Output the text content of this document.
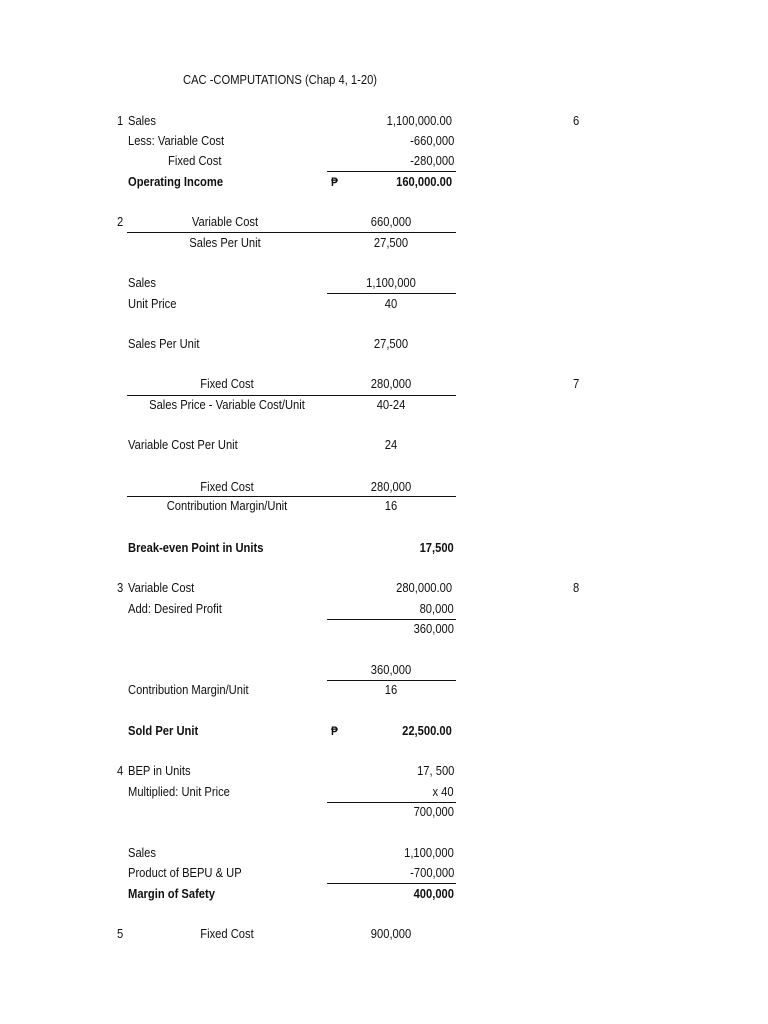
CAC -COMPUTATIONS (Chap 4, 1-20)
1 Sales	1,100,000.00	6
Less: Variable Cost	-660,000
Fixed Cost	-280,000
Operating Income	₱	160,000.00
2	Variable Cost	660,000
Sales Per Unit	27,500
Sales	1,100,000
Unit Price	40
Sales Per Unit	27,500
Fixed Cost	280,000	7
Sales Price - Variable Cost/Unit	40-24
Variable Cost Per Unit	24
Fixed Cost	280,000
Contribution Margin/Unit	16
Break-even Point in Units	17,500
3 Variable Cost	280,000.00	8
Add: Desired Profit	80,000
360,000
360,000
Contribution Margin/Unit	16
Sold Per Unit	₱	22,500.00
4 BEP in Units	17, 500
Multiplied: Unit Price	x 40
700,000
Sales	1,100,000
Product of BEPU & UP	-700,000
Margin of Safety	400,000
5	Fixed Cost	900,000
